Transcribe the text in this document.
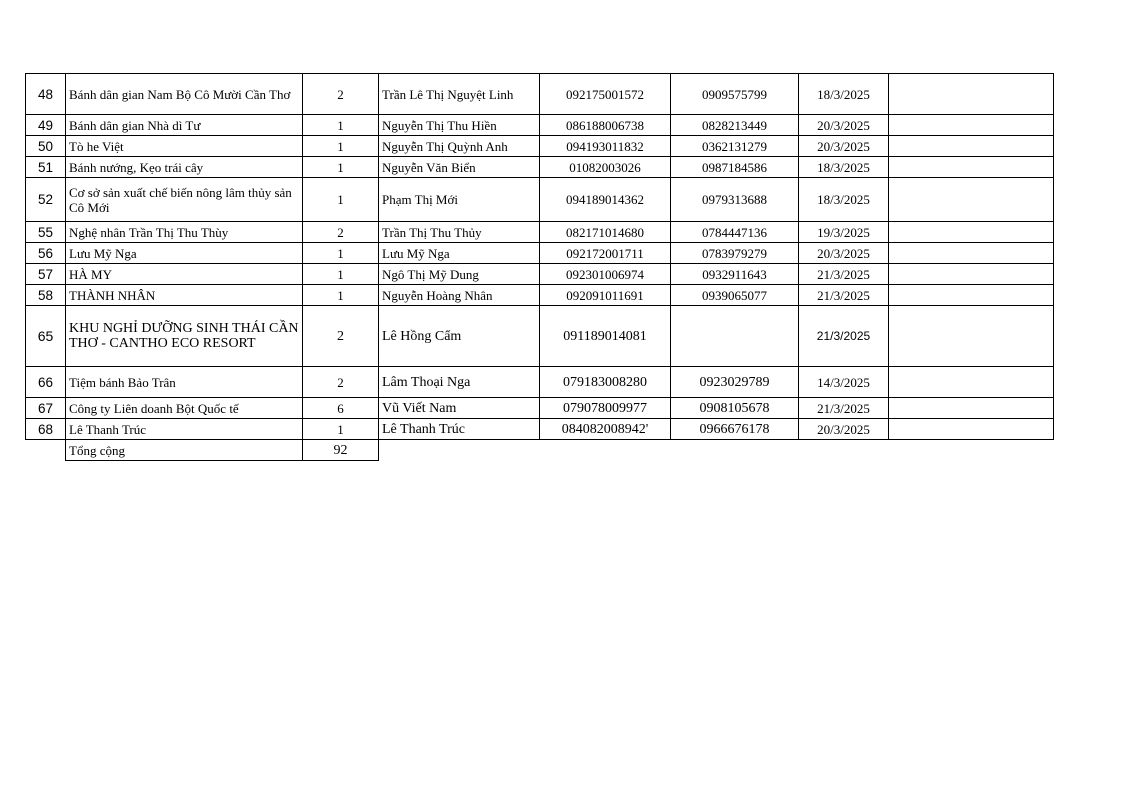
48	Bánh dân gian Nam Bộ Cô Mười Cần Thơ	2	Trần Lê Thị Nguyệt Linh	092175001572	0909575799	18/3/2025	
49	Bánh dân gian Nhà dì Tư	1	Nguyễn Thị Thu Hiền	086188006738	0828213449	20/3/2025	
50	Tò he Việt	1	Nguyễn Thị Quỳnh Anh	094193011832	0362131279	20/3/2025	
51	Bánh nướng, Kẹo trái cây	1	Nguyễn Văn Biển	01082003026	0987184586	18/3/2025	
52	Cơ sở sản xuất chế biến nông lâm thủy sản Cô Mới	1	Phạm Thị Mới	094189014362	0979313688	18/3/2025	
55	Nghệ nhân Trần Thị Thu Thùy	2	Trần Thị Thu Thủy	082171014680	0784447136	19/3/2025	
56	Lưu Mỹ Nga	1	Lưu Mỹ Nga	092172001711	0783979279	20/3/2025	
57	HÀ MY	1	Ngô Thị Mỹ Dung	092301006974	0932911643	21/3/2025	
58	THÀNH NHÂN	1	Nguyễn Hoàng Nhân	092091011691	0939065077	21/3/2025	
65	KHU NGHỈ DƯỠNG SINH THÁI CẦN THƠ - CANTHO ECO RESORT	2	Lê Hồng Cẩm	091189014081		21/3/2025	
66	Tiệm bánh Bảo Trân	2	Lâm Thoại Nga	079183008280	0923029789	14/3/2025	
67	Công ty Liên doanh Bột Quốc tế	6	Vũ Viết Nam	079078009977	0908105678	21/3/2025	
68	Lê Thanh Trúc	1	Lê Thanh Trúc	084082008942'	0966676178	20/3/2025	
	Tổng cộng	92					
